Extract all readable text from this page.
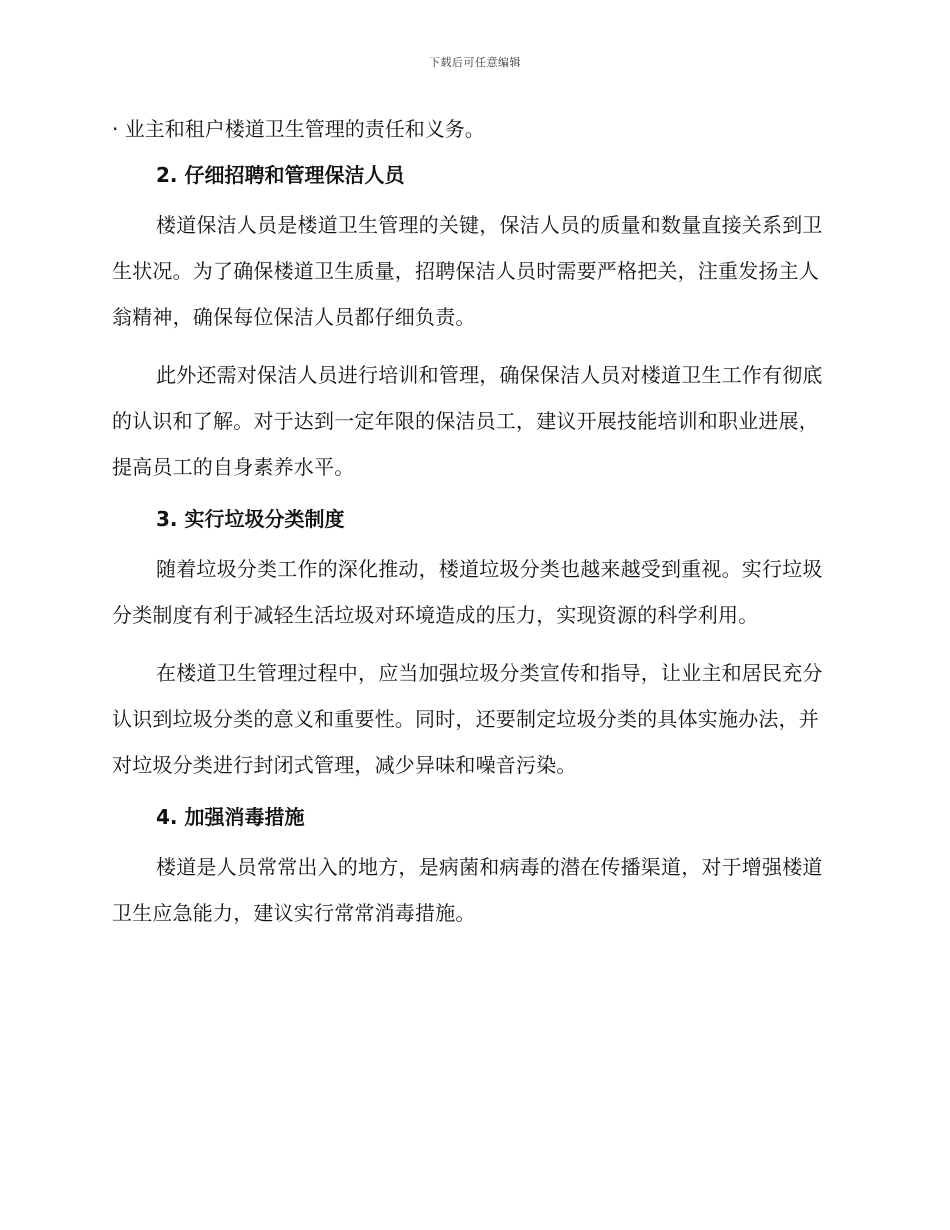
下载后可任意编辑

· 业主和租户楼道卫生管理的责任和义务。

2. 仔细招聘和管理保洁人员

楼道保洁人员是楼道卫生管理的关键，保洁人员的质量和数量直接关系到卫生状况。为了确保楼道卫生质量，招聘保洁人员时需要严格把关，注重发扬主人翁精神，确保每位保洁人员都仔细负责。

此外还需对保洁人员进行培训和管理，确保保洁人员对楼道卫生工作有彻底的认识和了解。对于达到一定年限的保洁员工，建议开展技能培训和职业进展，提高员工的自身素养水平。

3. 实行垃圾分类制度

随着垃圾分类工作的深化推动，楼道垃圾分类也越来越受到重视。实行垃圾分类制度有利于减轻生活垃圾对环境造成的压力，实现资源的科学利用。

在楼道卫生管理过程中，应当加强垃圾分类宣传和指导，让业主和居民充分认识到垃圾分类的意义和重要性。同时，还要制定垃圾分类的具体实施办法，并对垃圾分类进行封闭式管理，减少异味和噪音污染。

4. 加强消毒措施

楼道是人员常常出入的地方，是病菌和病毒的潜在传播渠道，对于增强楼道卫生应急能力，建议实行常常消毒措施。
